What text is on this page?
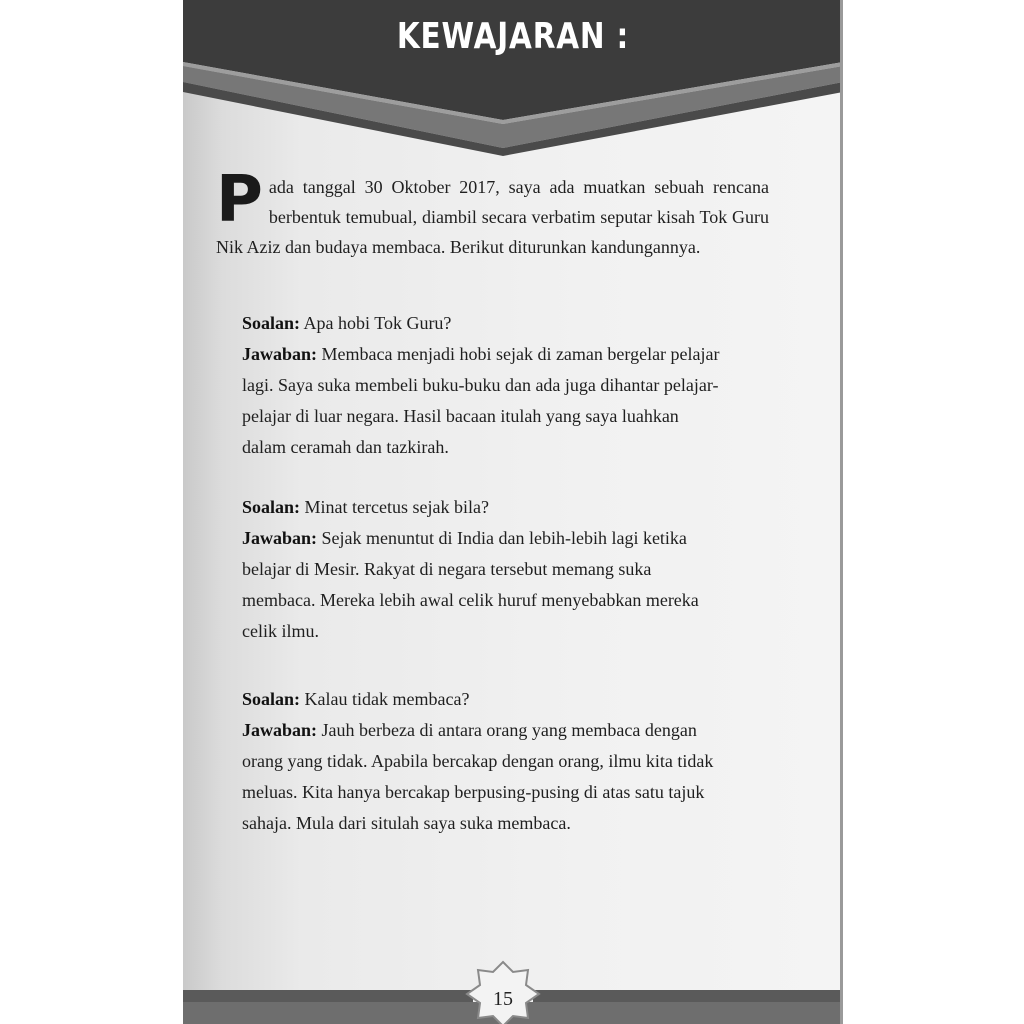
KEWAJARAN :

Pada tanggal 30 Oktober 2017, saya ada muatkan sebuah rencana berbentuk temubual, diambil secara verbatim seputar kisah Tok Guru Nik Aziz dan budaya membaca. Berikut diturunkan kandungannya.

Soalan: Apa hobi Tok Guru?

Jawaban: Membaca menjadi hobi sejak di zaman bergelar pelajar lagi. Saya suka membeli buku-buku dan ada juga dihantar pelajar-pelajar di luar negara. Hasil bacaan itulah yang saya luahkan dalam ceramah dan tazkirah.

Soalan: Minat tercetus sejak bila?

Jawaban: Sejak menuntut di India dan lebih-lebih lagi ketika belajar di Mesir. Rakyat di negara tersebut memang suka membaca. Mereka lebih awal celik huruf menyebabkan mereka celik ilmu.

Soalan: Kalau tidak membaca?

Jawaban: Jauh berbeza di antara orang yang membaca dengan orang yang tidak. Apabila bercakap dengan orang, ilmu kita tidak meluas. Kita hanya bercakap berpusing-pusing di atas satu tajuk sahaja. Mula dari situlah saya suka membaca.

15
